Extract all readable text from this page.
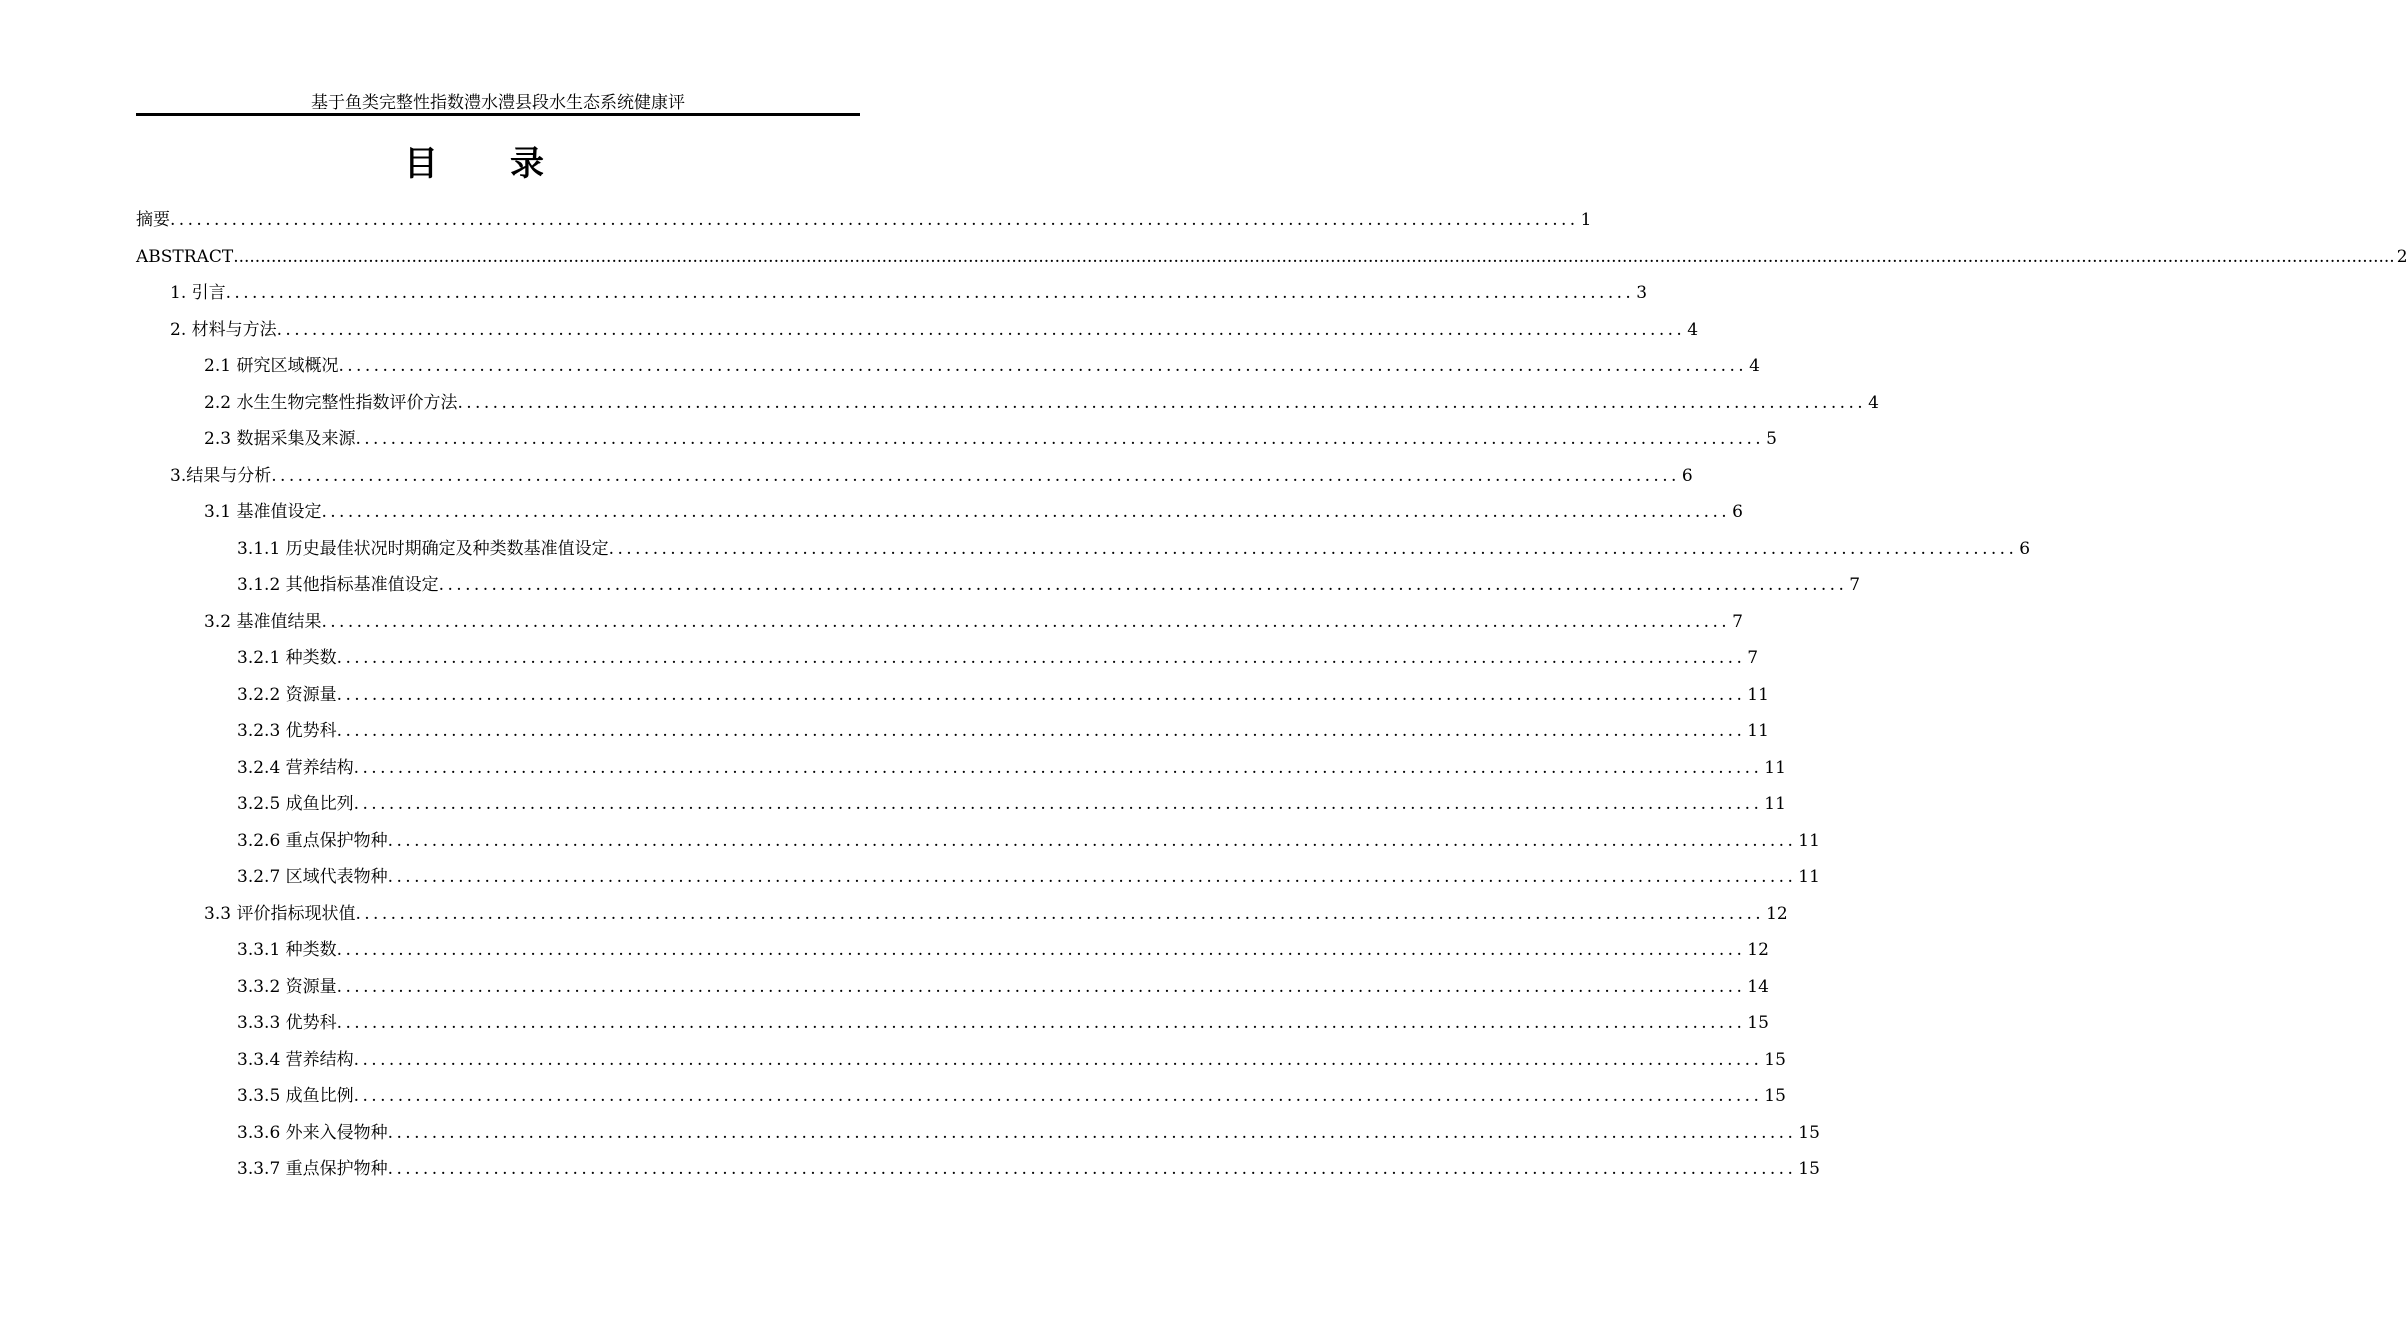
基于鱼类完整性指数澧水澧县段水生态系统健康评
目 录
摘要 ................................................................................................................................................................ 1
ABSTRACT ................................................................................................................................................................................................................................................................................................................................................................................................................ 2
1. 引言 ................................................................................................................................................................ 3
2. 材料与方法 ................................................................................................................................................................ 4
2.1 研究区域概况 ................................................................................................................................................................ 4
2.2 水生生物完整性指数评价方法 ................................................................................................................................................................ 4
2.3 数据采集及来源 ................................................................................................................................................................ 5
3.结果与分析 ................................................................................................................................................................ 6
3.1 基准值设定 ................................................................................................................................................................ 6
3.1.1 历史最佳状况时期确定及种类数基准值设定 ................................................................................................................................................................ 6
3.1.2 其他指标基准值设定 ................................................................................................................................................................ 7
3.2 基准值结果 ................................................................................................................................................................ 7
3.2.1 种类数 ................................................................................................................................................................ 7
3.2.2 资源量 ................................................................................................................................................................ 11
3.2.3 优势科 ................................................................................................................................................................ 11
3.2.4 营养结构 ................................................................................................................................................................ 11
3.2.5 成鱼比列 ................................................................................................................................................................ 11
3.2.6 重点保护物种 ................................................................................................................................................................ 11
3.2.7 区域代表物种 ................................................................................................................................................................ 11
3.3 评价指标现状值 ................................................................................................................................................................ 12
3.3.1 种类数 ................................................................................................................................................................ 12
3.3.2 资源量 ................................................................................................................................................................ 14
3.3.3 优势科 ................................................................................................................................................................ 15
3.3.4 营养结构 ................................................................................................................................................................ 15
3.3.5 成鱼比例 ................................................................................................................................................................ 15
3.3.6 外来入侵物种 ................................................................................................................................................................ 15
3.3.7 重点保护物种 ................................................................................................................................................................ 15
